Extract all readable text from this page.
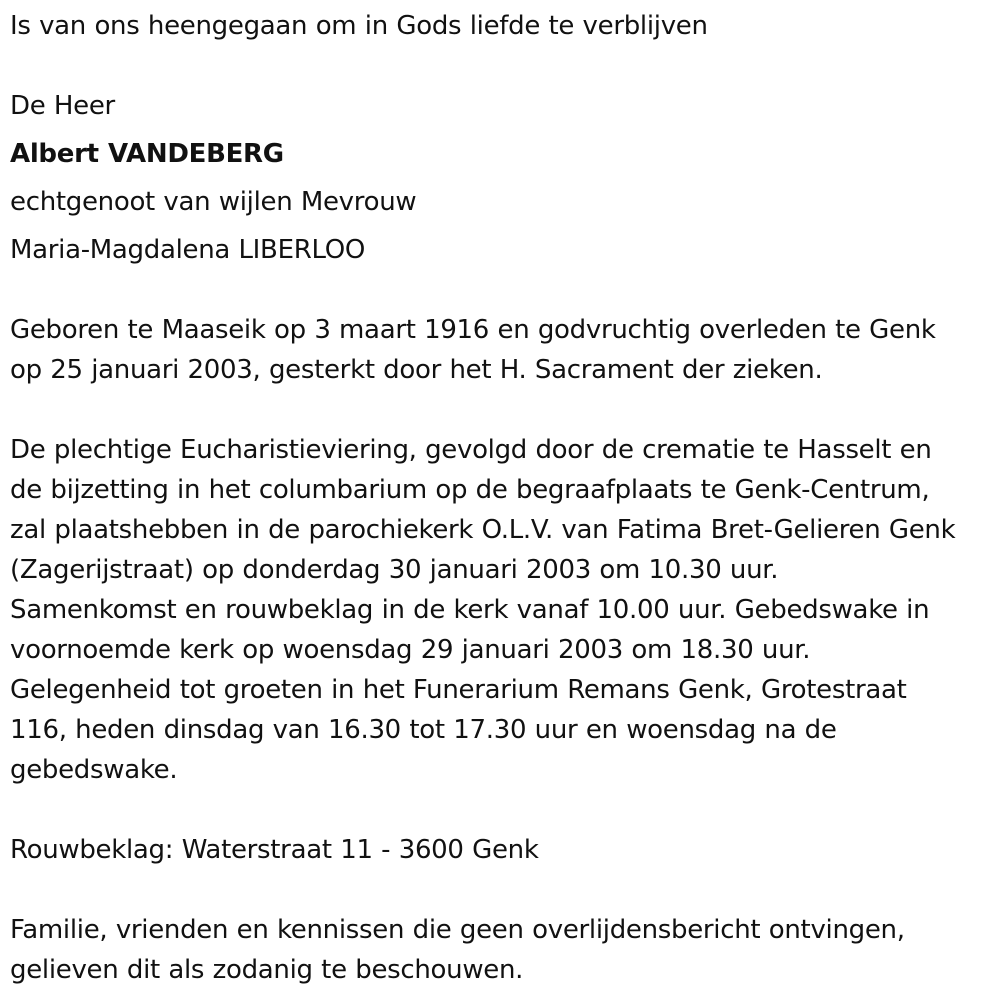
Is van ons heengegaan om in Gods liefde te verblijven
De Heer
Albert VANDEBERG
echtgenoot van wijlen Mevrouw
Maria-Magdalena LIBERLOO
Geboren te Maaseik op 3 maart 1916 en godvruchtig overleden te Genk
op 25 januari 2003, gesterkt door het H. Sacrament der zieken.
De plechtige Eucharistieviering, gevolgd door de crematie te Hasselt en
de bijzetting in het columbarium op de begraafplaats te Genk-Centrum,
zal plaatshebben in de parochiekerk O.L.V. van Fatima Bret-Gelieren Genk
(Zagerijstraat) op donderdag 30 januari 2003 om 10.30 uur.
Samenkomst en rouwbeklag in de kerk vanaf 10.00 uur. Gebedswake in
voornoemde kerk op woensdag 29 januari 2003 om 18.30 uur.
Gelegenheid tot groeten in het Funerarium Remans Genk, Grotestraat
116, heden dinsdag van 16.30 tot 17.30 uur en woensdag na de
gebedswake.
Rouwbeklag: Waterstraat 11 - 3600 Genk
Familie, vrienden en kennissen die geen overlijdensbericht ontvingen,
gelieven dit als zodanig te beschouwen.
